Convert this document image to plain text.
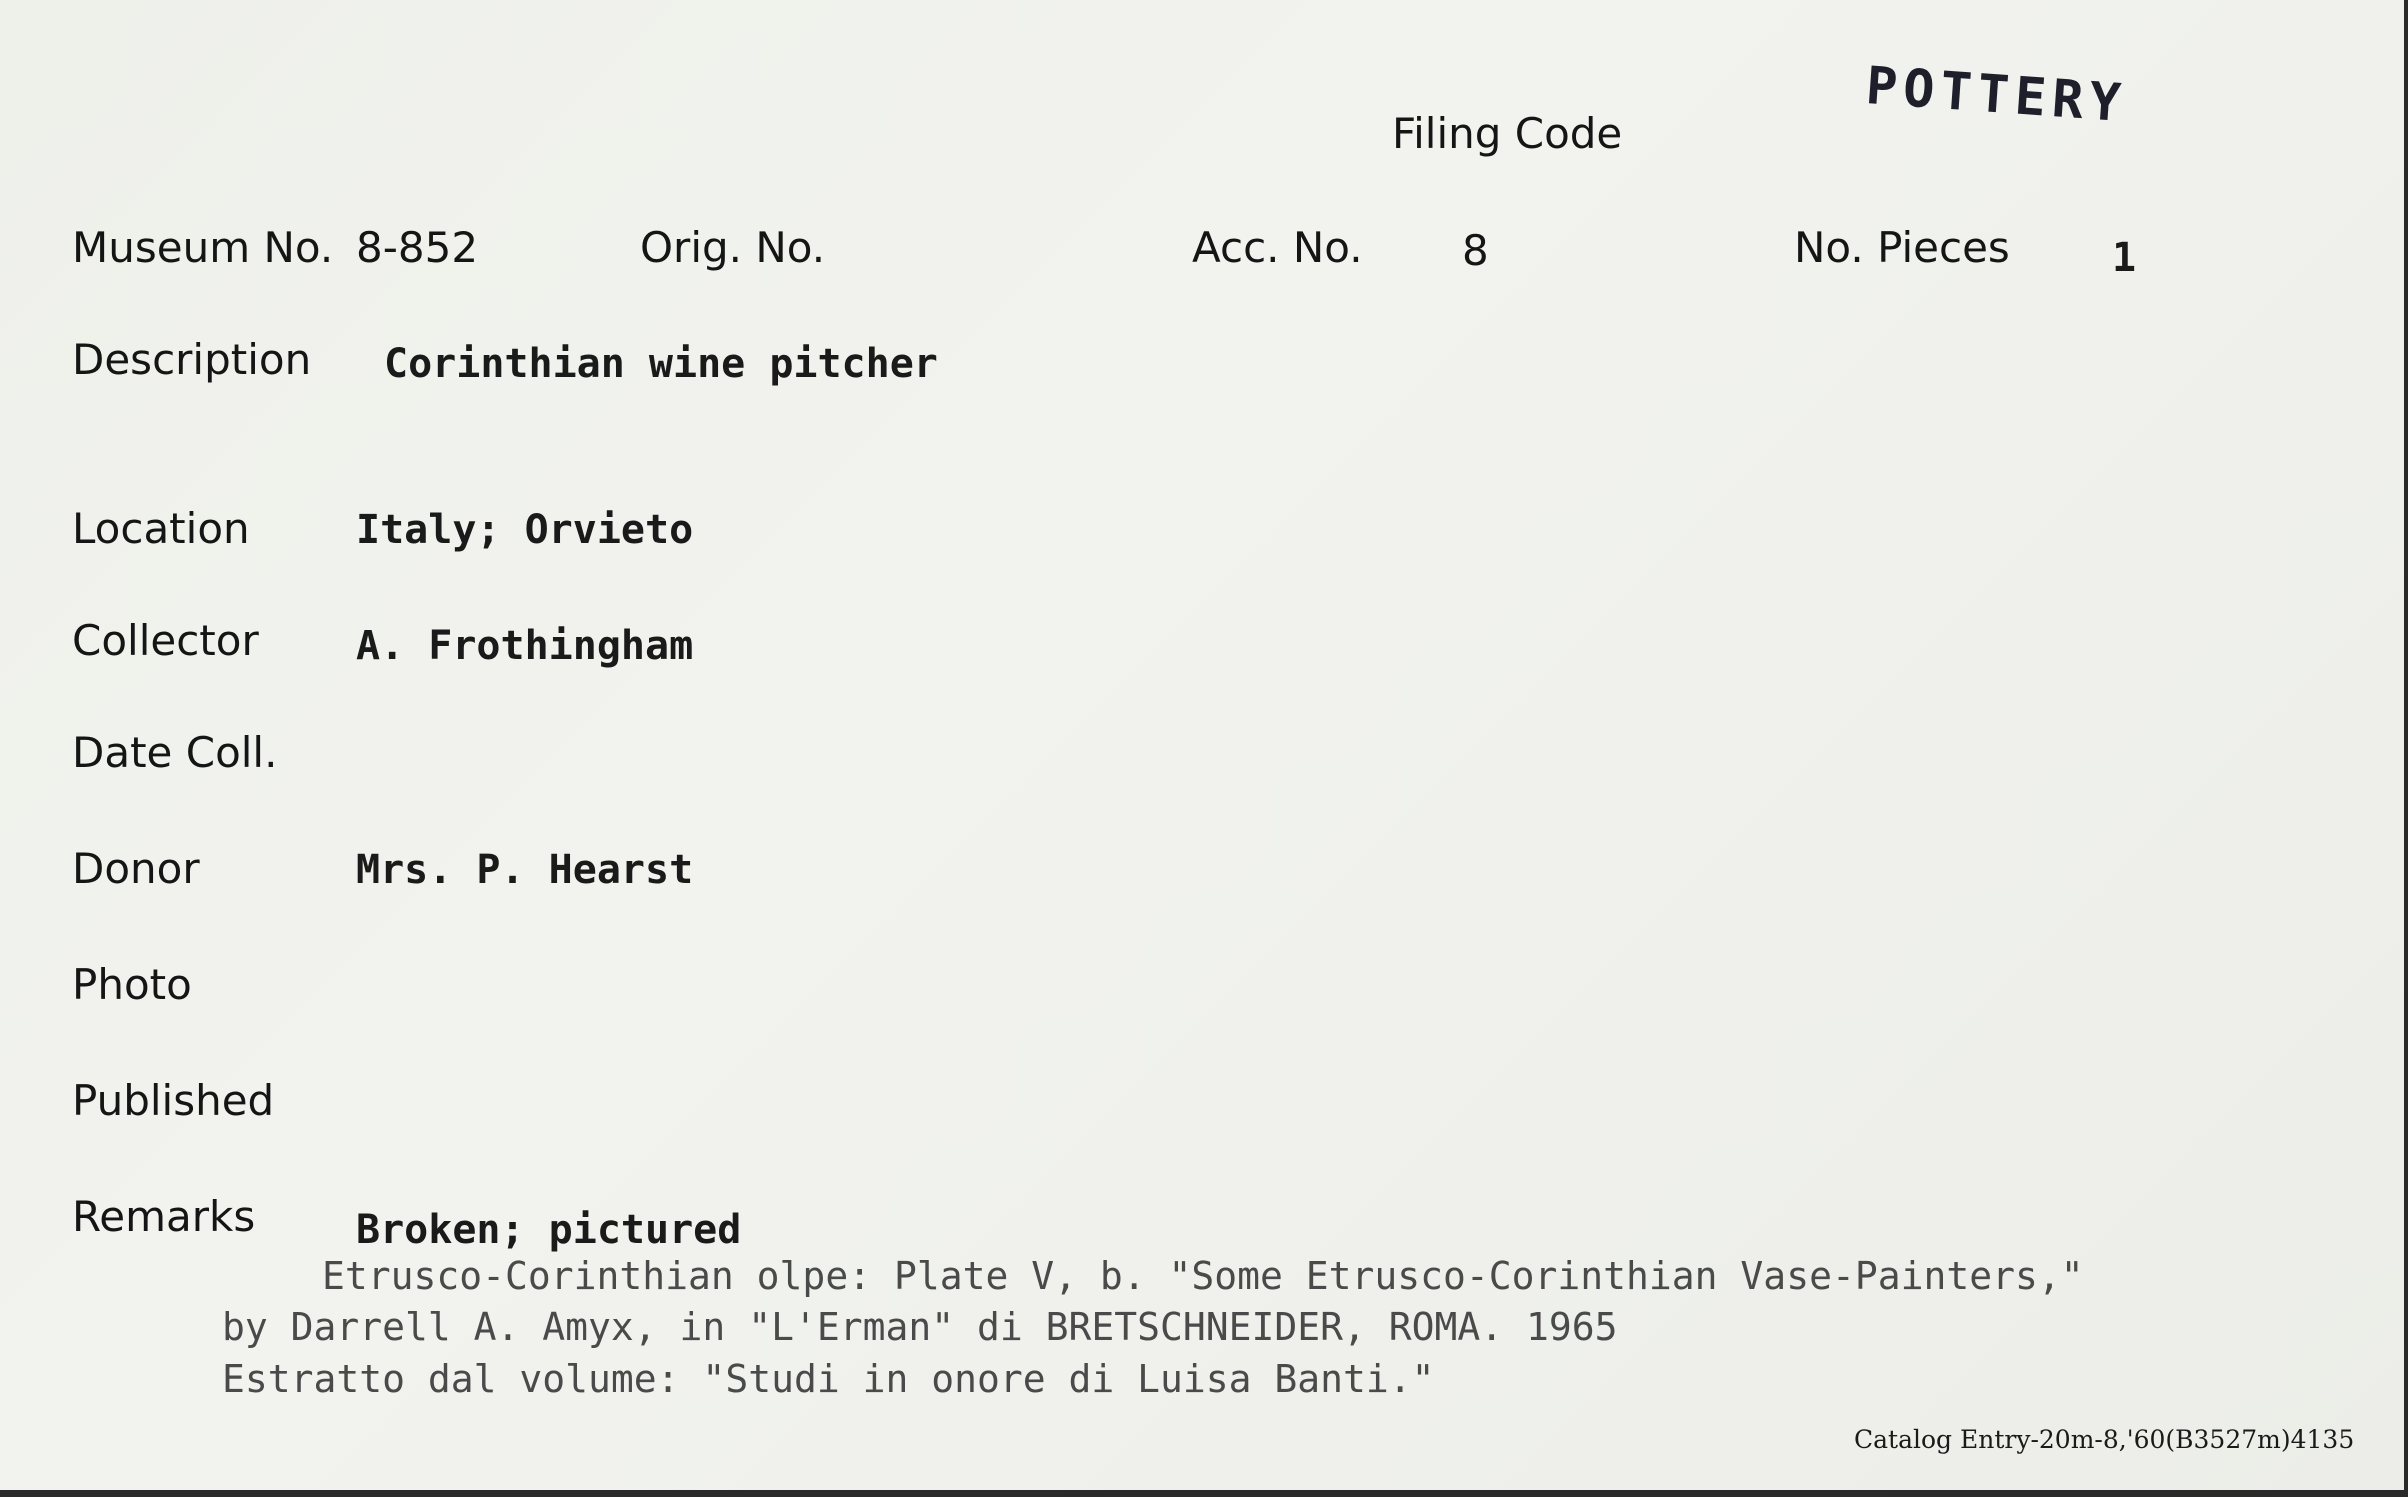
POTTERY
Filing Code
Museum No. 8-852	Orig. No.	Acc. No. 8	No. Pieces	1
Description Corinthian wine pitcher
Location	Italy; Orvieto
Collector A. Frothingham
Date Coll.
Donor	Mrs. P. Hearst
Photo
Published
Remarks	Broken; pictured
Etrusco-Corinthian olpe: Plate V, b. "Some Etrusco-Corinthian Vase-Painters,"
by Darrell A. Amyx, in "L'Erman" di BRETSCHNEIDER, ROMA. 1965
Estratto dal volume: "Studi in onore di Luisa Banti."
Catalog Entry-20m-8,'60(B3527m)4135
